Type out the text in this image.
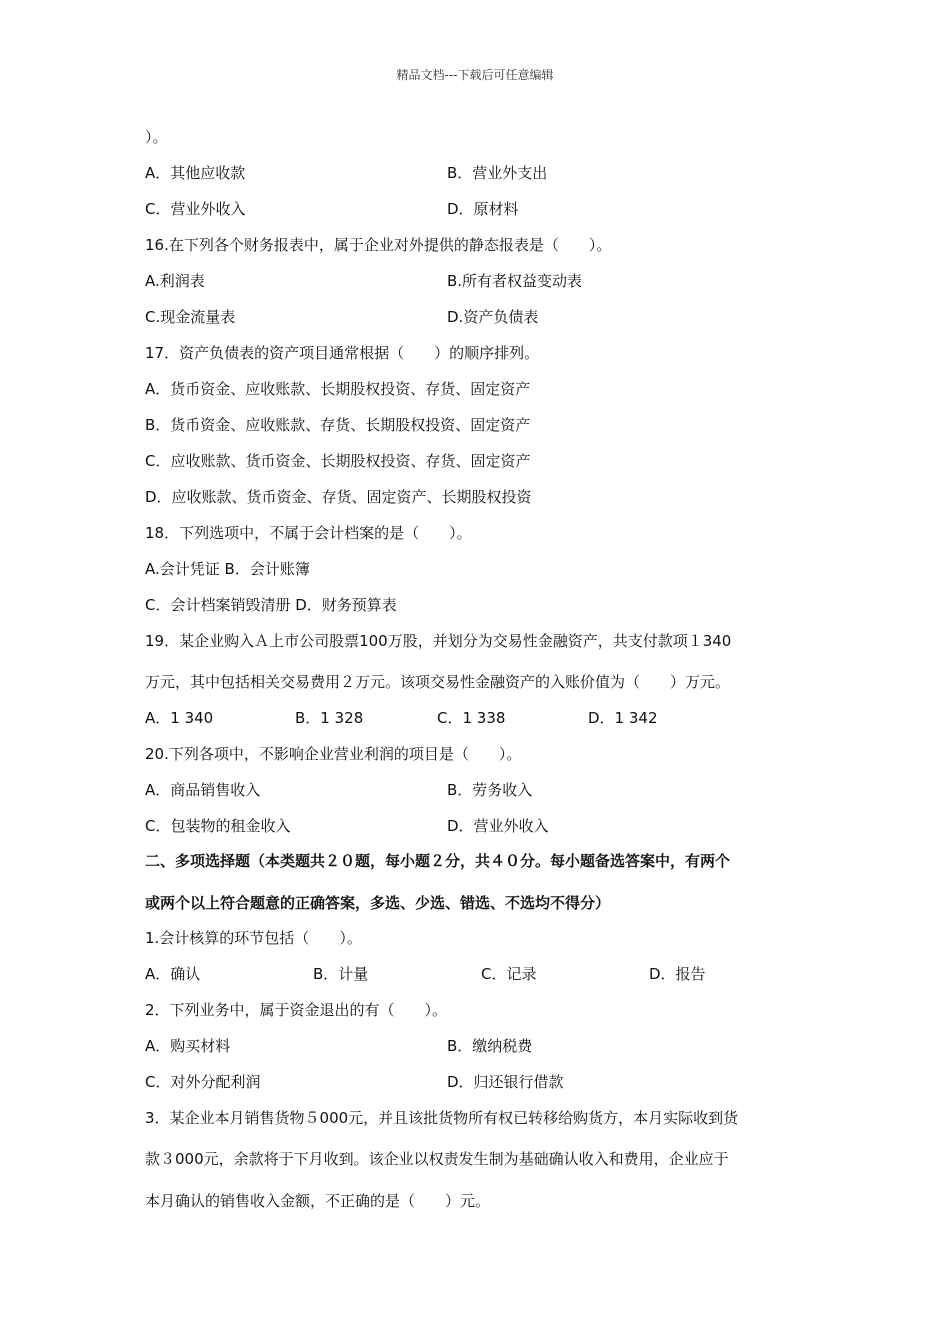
精品文档---下载后可任意编辑
）。
A．其他应收款	B．营业外支出
C．营业外收入	D．原材料
16.在下列各个财务报表中，属于企业对外提供的静态报表是（　　）。
A.利润表	B.所有者权益变动表
C.现金流量表	D.资产负债表
17．资产负债表的资产项目通常根据（　　）的顺序排列。
A．货币资金、应收账款、长期股权投资、存货、固定资产
B．货币资金、应收账款、存货、长期股权投资、固定资产
C．应收账款、货币资金、长期股权投资、存货、固定资产
D．应收账款、货币资金、存货、固定资产、长期股权投资
18．下列选项中，不属于会计档案的是（　　）。
A.会计凭证 B．会计账簿
C．会计档案销毁清册 D．财务预算表
19．某企业购入Ａ上市公司股票100万股，并划分为交易性金融资产，共支付款项１340
万元，其中包括相关交易费用２万元。该项交易性金融资产的入账价值为（　　）万元。
A．1 340	B．1 328	C．1 338	D．1 342
20.下列各项中，不影响企业营业利润的项目是（　　）。
A．商品销售收入	B．劳务收入
C．包装物的租金收入	D．营业外收入
二、多项选择题（本类题共２０题，每小题２分，共４０分。每小题备选答案中，有两个
或两个以上符合题意的正确答案，多选、少选、错选、不选均不得分）
1.会计核算的环节包括（　　）。
A．确认	B．计量	C．记录	D．报告
2．下列业务中，属于资金退出的有（　　）。
A．购买材料	B．缴纳税费
C．对外分配利润	D．归还银行借款
3．某企业本月销售货物５000元，并且该批货物所有权已转移给购货方，本月实际收到货
款３000元，余款将于下月收到。该企业以权责发生制为基础确认收入和费用，企业应于
本月确认的销售收入金额，不正确的是（　　）元。
